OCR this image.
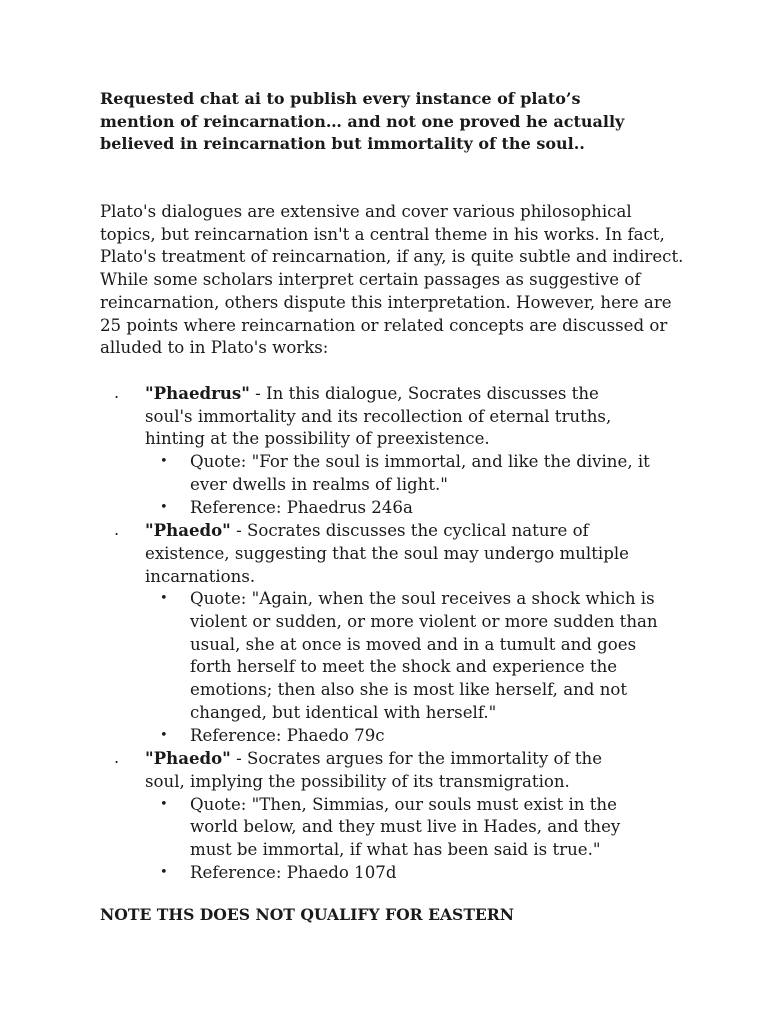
Requested chat ai to publish every instance of plato’s mention of reincarnation… and not one proved he actually believed in reincarnation but immortality of the soul..

Plato's dialogues are extensive and cover various philosophical topics, but reincarnation isn't a central theme in his works. In fact, Plato's treatment of reincarnation, if any, is quite subtle and indirect. While some scholars interpret certain passages as suggestive of reincarnation, others dispute this interpretation. However, here are 25 points where reincarnation or related concepts are discussed or alluded to in Plato's works:

. "Phaedrus" - In this dialogue, Socrates discusses the soul's immortality and its recollection of eternal truths, hinting at the possibility of preexistence.
• Quote: "For the soul is immortal, and like the divine, it ever dwells in realms of light."
• Reference: Phaedrus 246a
. "Phaedo" - Socrates discusses the cyclical nature of existence, suggesting that the soul may undergo multiple incarnations.
• Quote: "Again, when the soul receives a shock which is violent or sudden, or more violent or more sudden than usual, she at once is moved and in a tumult and goes forth herself to meet the shock and experience the emotions; then also she is most like herself, and not changed, but identical with herself."
• Reference: Phaedo 79c
. "Phaedo" - Socrates argues for the immortality of the soul, implying the possibility of its transmigration.
• Quote: "Then, Simmias, our souls must exist in the world below, and they must live in Hades, and they must be immortal, if what has been said is true."
• Reference: Phaedo 107d

NOTE THS DOES NOT QUALIFY FOR EASTERN
